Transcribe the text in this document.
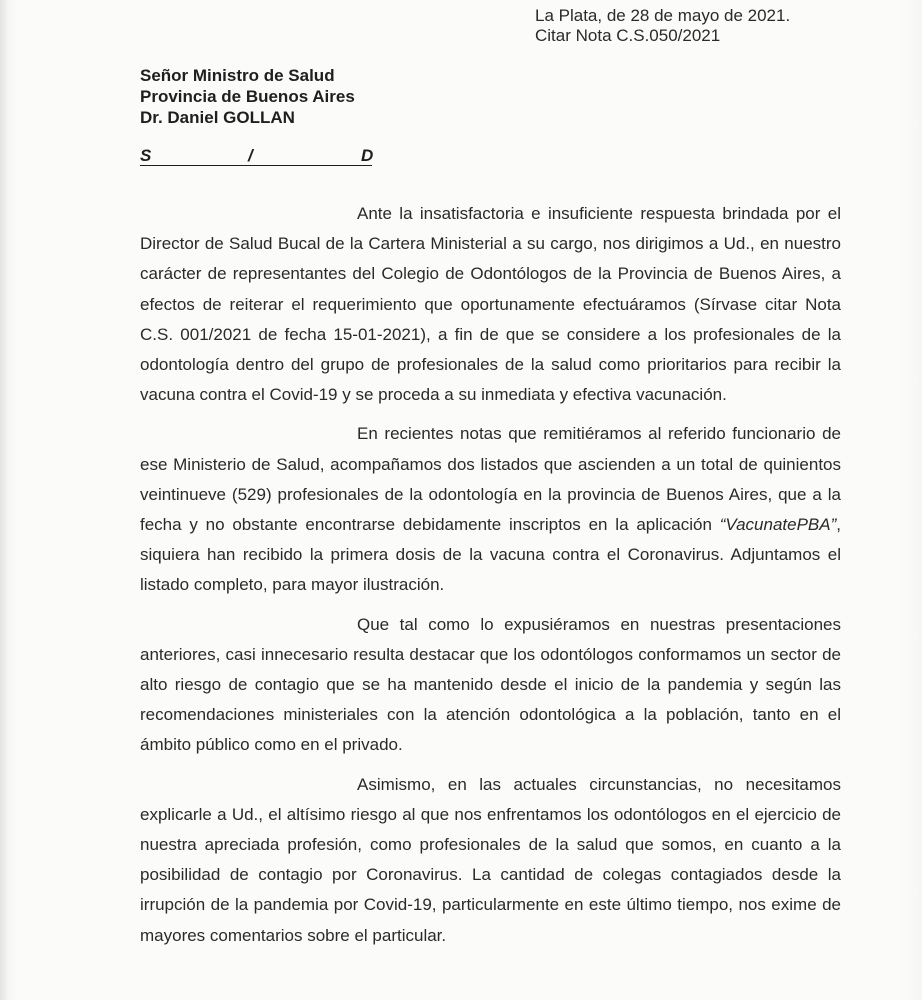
La Plata, de 28 de mayo de 2021.
Citar Nota C.S.050/2021
Señor Ministro de Salud
Provincia de Buenos Aires
Dr. Daniel GOLLAN
S	/	D

Ante la insatisfactoria e insuficiente respuesta brindada por el Director de Salud Bucal de la Cartera Ministerial a su cargo, nos dirigimos a Ud., en nuestro carácter de representantes del Colegio de Odontólogos de la Provincia de Buenos Aires, a efectos de reiterar el requerimiento que oportunamente efectuáramos (Sírvase citar Nota C.S. 001/2021 de fecha 15-01-2021), a fin de que se considere a los profesionales de la odontología dentro del grupo de profesionales de la salud como prioritarios para recibir la vacuna contra el Covid-19 y se proceda a su inmediata y efectiva vacunación.

En recientes notas que remitiéramos al referido funcionario de ese Ministerio de Salud, acompañamos dos listados que ascienden a un total de quinientos veintinueve (529) profesionales de la odontología en la provincia de Buenos Aires, que a la fecha y no obstante encontrarse debidamente inscriptos en la aplicación “VacunatePBA”, siquiera han recibido la primera dosis de la vacuna contra el Coronavirus. Adjuntamos el listado completo, para mayor ilustración.

Que tal como lo expusiéramos en nuestras presentaciones anteriores, casi innecesario resulta destacar que los odontólogos conformamos un sector de alto riesgo de contagio que se ha mantenido desde el inicio de la pandemia y según las recomendaciones ministeriales con la atención odontológica a la población, tanto en el ámbito público como en el privado.

Asimismo, en las actuales circunstancias, no necesitamos explicarle a Ud., el altísimo riesgo al que nos enfrentamos los odontólogos en el ejercicio de nuestra apreciada profesión, como profesionales de la salud que somos, en cuanto a la posibilidad de contagio por Coronavirus. La cantidad de colegas contagiados desde la irrupción de la pandemia por Covid-19, particularmente en este último tiempo, nos exime de mayores comentarios sobre el particular.
